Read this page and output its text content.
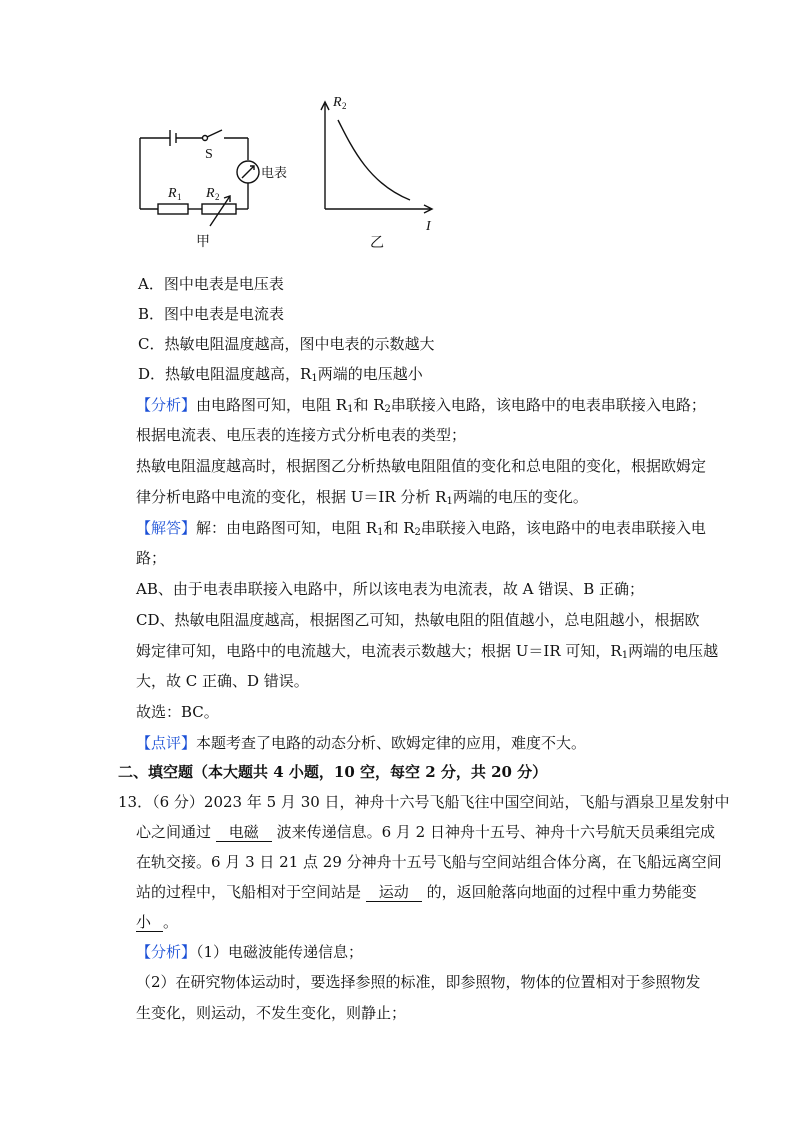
S
电表
R 1 R 2
甲
R 2
I
乙
A．图中电表是电压表
B．图中电表是电流表
C．热敏电阻温度越高，图中电表的示数越大
D．热敏电阻温度越高，$R_1$两端的电压越小
【分析】由电路图可知，电阻 $R_1$和 $R_2$串联接入电路，该电路中的电表串联接入电路；
根据电流表、电压表的连接方式分析电表的类型；
热敏电阻温度越高时，根据图乙分析热敏电阻阻值的变化和总电阻的变化，根据欧姆定
律分析电路中电流的变化，根据 U＝IR 分析 $R_1$两端的电压的变化。
【解答】解：由电路图可知，电阻 $R_1$和 $R_2$串联接入电路，该电路中的电表串联接入电
路；
AB、由于电表串联接入电路中，所以该电表为电流表，故 A 错误、B 正确；
CD、热敏电阻温度越高，根据图乙可知，热敏电阻的阻值越小，总电阻越小，根据欧
姆定律可知，电路中的电流越大，电流表示数越大；根据 U＝IR 可知，$R_1$两端的电压越
大，故 C 正确、D 错误。
故选：BC。
【点评】本题考查了电路的动态分析、欧姆定律的应用，难度不大。
二、填空题（本大题共 4 小题，10 空，每空 2 分，共 20 分）
13．（6 分）2023 年 5 月 30 日，神舟十六号飞船飞往中国空间站，飞船与酒泉卫星发射中
心之间通过 电磁 波来传递信息。6 月 2 日神舟十五号、神舟十六号航天员乘组完成
在轨交接。6 月 3 日 21 点 29 分神舟十五号飞船与空间站组合体分离，在飞船远离空间
站的过程中，飞船相对于空间站是 运动 的，返回舱落向地面的过程中重力势能变
小 。
【分析】（1）电磁波能传递信息；
（2）在研究物体运动时，要选择参照的标准，即参照物，物体的位置相对于参照物发
生变化，则运动，不发生变化，则静止；
